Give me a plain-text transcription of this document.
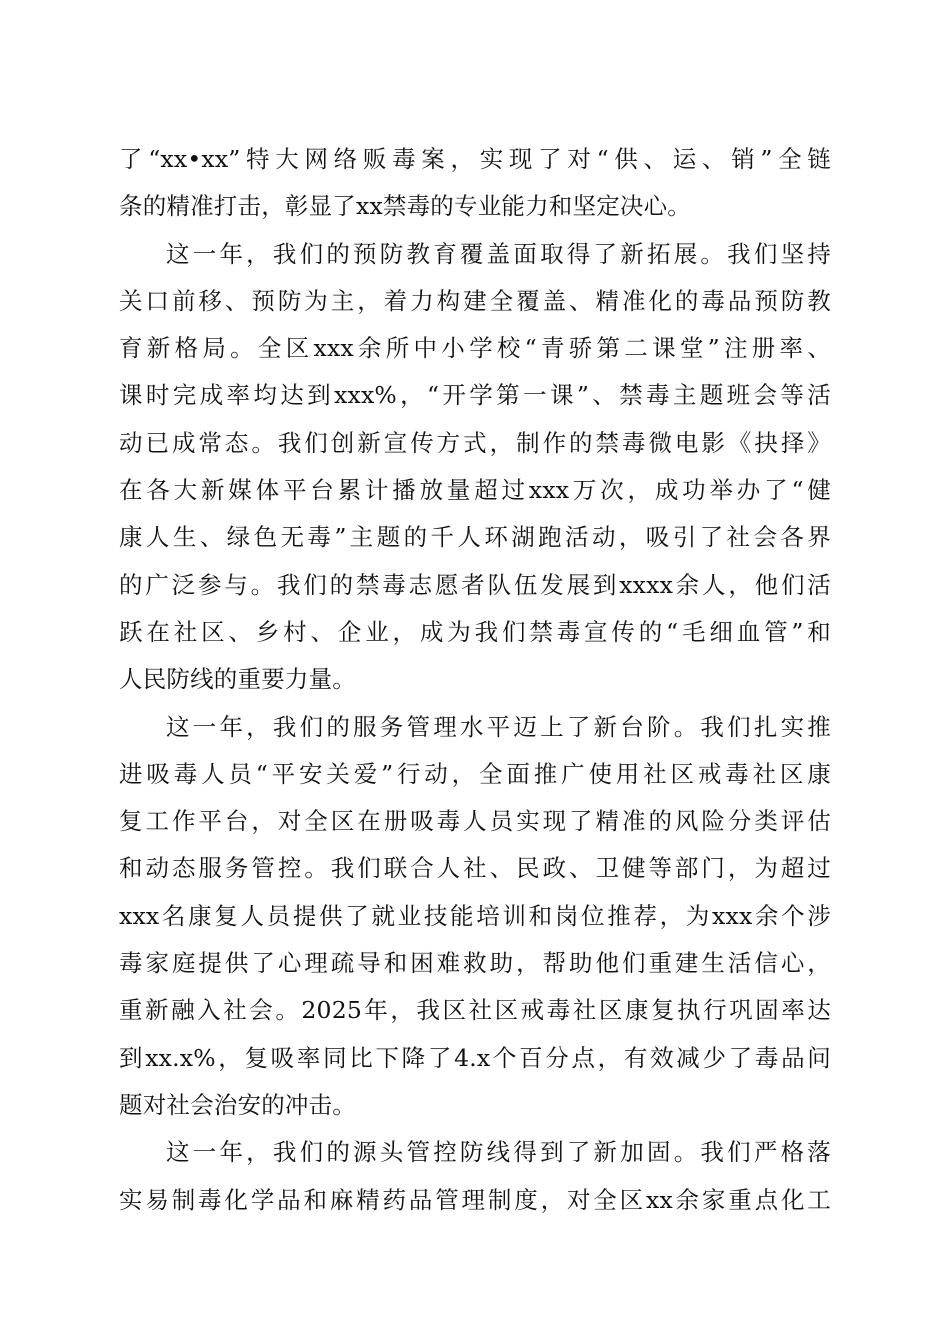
了“xx•xx”特大网络贩毒案，实现了对“供、运、销”全链
条的精准打击，彰显了xx禁毒的专业能力和坚定决心。

这一年，我们的预防教育覆盖面取得了新拓展。我们坚持
关口前移、预防为主，着力构建全覆盖、精准化的毒品预防教
育新格局。全区xxx余所中小学校“青骄第二课堂”注册率、
课时完成率均达到xxx%，“开学第一课”、禁毒主题班会等活
动已成常态。我们创新宣传方式，制作的禁毒微电影《抉择》
在各大新媒体平台累计播放量超过xxx万次，成功举办了“健
康人生、绿色无毒”主题的千人环湖跑活动，吸引了社会各界
的广泛参与。我们的禁毒志愿者队伍发展到xxxx余人，他们活
跃在社区、乡村、企业，成为我们禁毒宣传的“毛细血管”和
人民防线的重要力量。

这一年，我们的服务管理水平迈上了新台阶。我们扎实推
进吸毒人员“平安关爱”行动，全面推广使用社区戒毒社区康
复工作平台，对全区在册吸毒人员实现了精准的风险分类评估
和动态服务管控。我们联合人社、民政、卫健等部门，为超过
xxx名康复人员提供了就业技能培训和岗位推荐，为xxx余个涉
毒家庭提供了心理疏导和困难救助，帮助他们重建生活信心，
重新融入社会。2025年，我区社区戒毒社区康复执行巩固率达
到xx.x%，复吸率同比下降了4.x个百分点，有效减少了毒品问
题对社会治安的冲击。

这一年，我们的源头管控防线得到了新加固。我们严格落
实易制毒化学品和麻精药品管理制度，对全区xx余家重点化工
